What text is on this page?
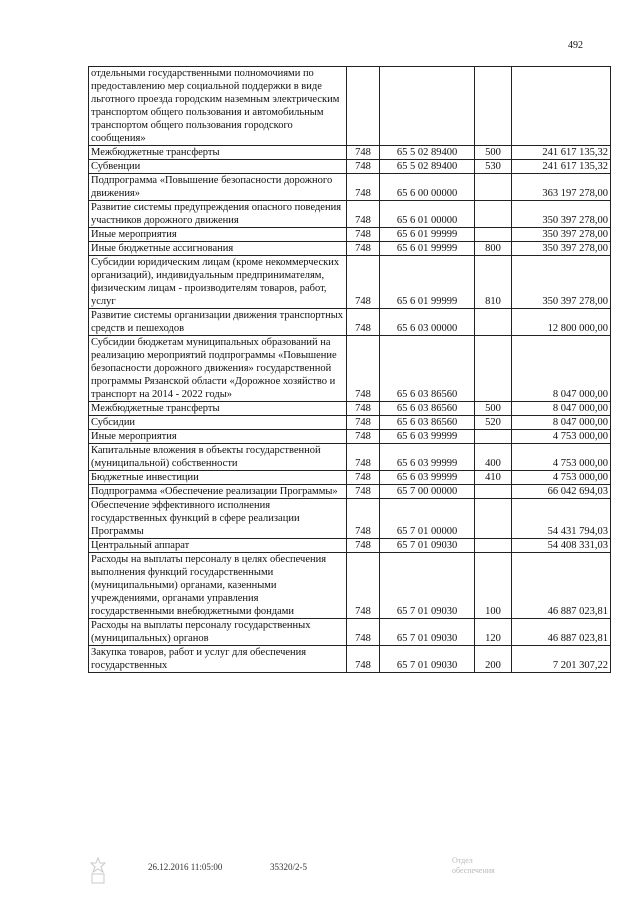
492
отдельными государственными полномочиями по предоставлению мер социальной поддержки в виде льготного проезда городским наземным электрическим транспортом общего пользования и автомобильным транспортом общего пользования городского сообщения»				
Межбюджетные трансферты	748	65 5 02 89400	500	241 617 135,32
Субвенции	748	65 5 02 89400	530	241 617 135,32
Подпрограмма «Повышение безопасности дорожного движения»	748	65 6 00 00000		363 197 278,00
Развитие системы предупреждения опасного поведения участников дорожного движения	748	65 6 01 00000		350 397 278,00
Иные мероприятия	748	65 6 01 99999		350 397 278,00
Иные бюджетные ассигнования	748	65 6 01 99999	800	350 397 278,00
Субсидии юридическим лицам (кроме некоммерческих организаций), индивидуальным предпринимателям, физическим лицам - производителям товаров, работ, услуг	748	65 6 01 99999	810	350 397 278,00
Развитие системы организации движения транспортных средств и пешеходов	748	65 6 03 00000		12 800 000,00
Субсидии бюджетам муниципальных образований на реализацию мероприятий подпрограммы «Повышение безопасности дорожного движения» государственной программы Рязанской области «Дорожное хозяйство и транспорт на 2014 - 2022 годы»	748	65 6 03 86560		8 047 000,00
Межбюджетные трансферты	748	65 6 03 86560	500	8 047 000,00
Субсидии	748	65 6 03 86560	520	8 047 000,00
Иные мероприятия	748	65 6 03 99999		4 753 000,00
Капитальные вложения в объекты государственной (муниципальной) собственности	748	65 6 03 99999	400	4 753 000,00
Бюджетные инвестиции	748	65 6 03 99999	410	4 753 000,00
Подпрограмма «Обеспечение реализации Программы»	748	65 7 00 00000		66 042 694,03
Обеспечение эффективного исполнения государственных функций в сфере реализации Программы	748	65 7 01 00000		54 431 794,03
Центральный аппарат	748	65 7 01 09030		54 408 331,03
Расходы на выплаты персоналу в целях обеспечения выполнения функций государственными (муниципальными) органами, казенными учреждениями, органами управления государственными внебюджетными фондами	748	65 7 01 09030	100	46 887 023,81
Расходы на выплаты персоналу государственных (муниципальных) органов	748	65 7 01 09030	120	46 887 023,81
Закупка товаров, работ и услуг для обеспечения государственных	748	65 7 01 09030	200	7 201 307,22
26.12.2016 11:05:00	35320/2-5
Отдел
обеспечения
